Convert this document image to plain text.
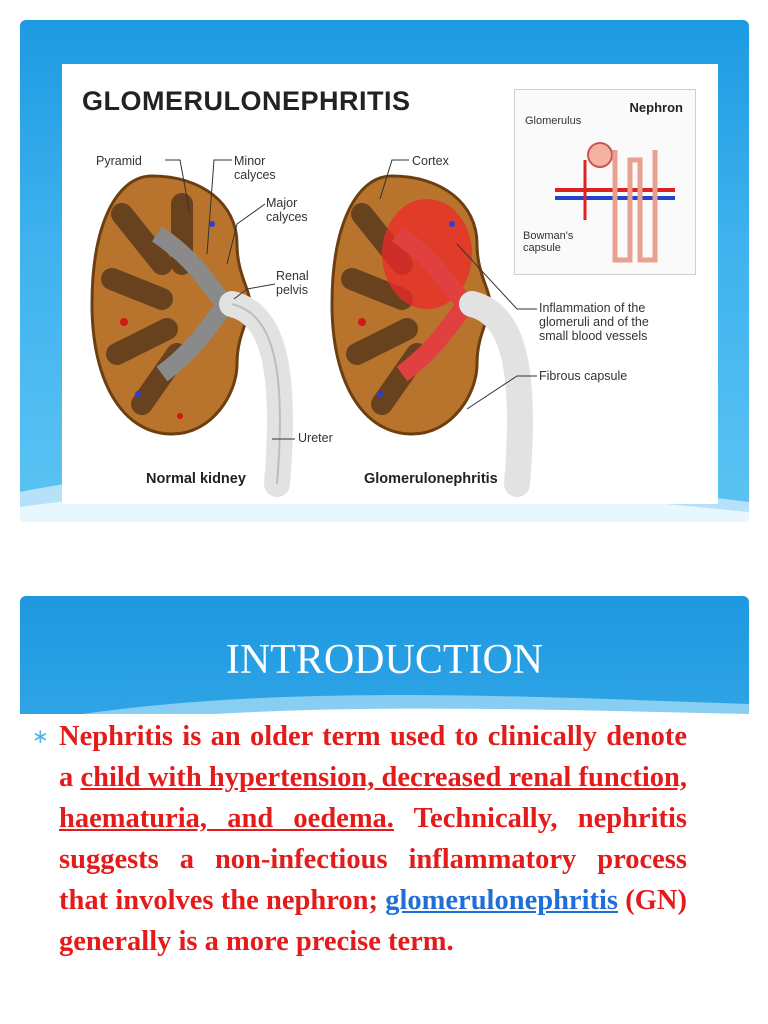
GLOMERULONEPHRITIS
Pyramid	Minor
calyces
Major
calyces
Renal
pelvis
Ureter
Cortex
Inflammation of the
glomeruli and of the
small blood vessels
Fibrous capsule
Nephron
Glomerulus
Bowman's
capsule
Normal kidney	Glomerulonephritis
INTRODUCTION
∗ Nephritis is an older term used to clinically denote a child with hypertension, decreased renal function, haematuria, and oedema. Technically, nephritis suggests a non-infectious inflammatory process that involves the nephron; glomerulonephritis (GN) generally is a more precise term.
